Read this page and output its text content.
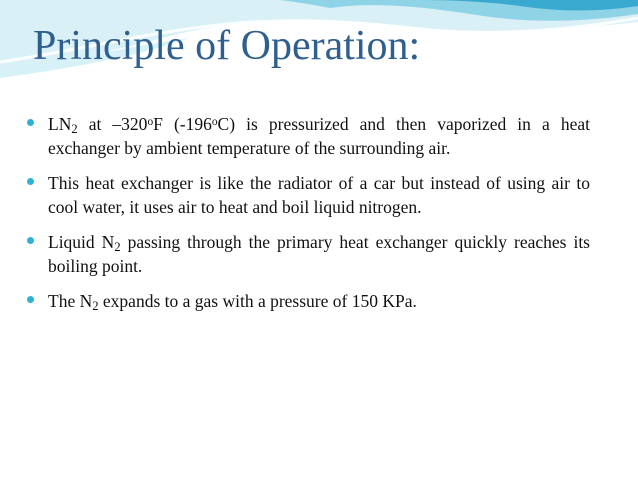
Principle of Operation:
$LN_2$ at –320$^o$F (-196$^o$C) is pressurized and then vaporized in a heat exchanger by ambient temperature of the surrounding air.
This heat exchanger is like the radiator of a car but instead of using air to cool water, it uses air to heat and boil liquid nitrogen.
Liquid $N_2$ passing through the primary heat exchanger quickly reaches its boiling point.
The $N_2$ expands to a gas with a pressure of 150 KPa.
